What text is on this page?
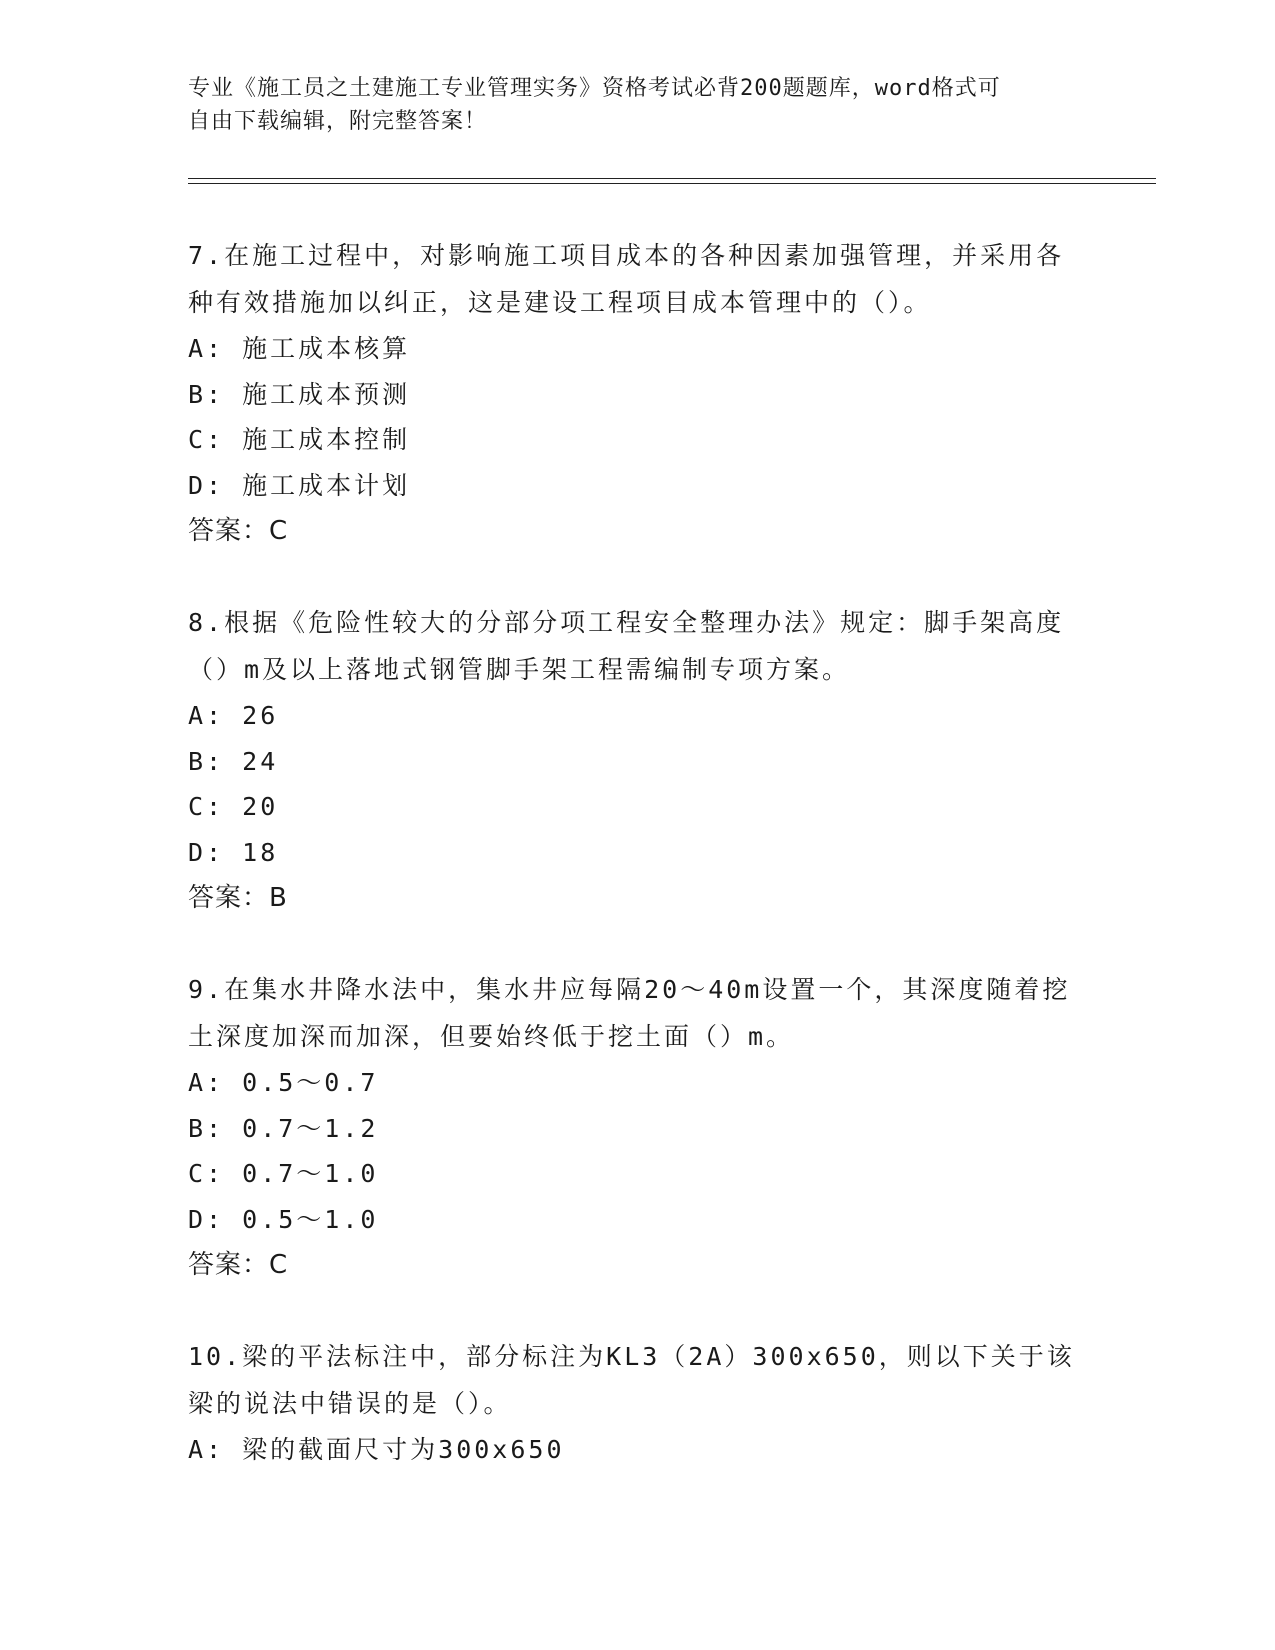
专业《施工员之土建施工专业管理实务》资格考试必背200题题库，word格式可
自由下载编辑，附完整答案！

7.在施工过程中，对影响施工项目成本的各种因素加强管理，并采用各种有效措施加以纠正，这是建设工程项目成本管理中的（）。

A: 施工成本核算

B: 施工成本预测

C: 施工成本控制

D: 施工成本计划

答案：C

8.根据《危险性较大的分部分项工程安全整理办法》规定：脚手架高度（）m及以上落地式钢管脚手架工程需编制专项方案。

A: 26

B: 24

C: 20

D: 18

答案：B

9.在集水井降水法中，集水井应每隔20～40m设置一个，其深度随着挖土深度加深而加深，但要始终低于挖土面（）m。

A: 0.5～0.7

B: 0.7～1.2

C: 0.7～1.0

D: 0.5～1.0

答案：C

10.梁的平法标注中，部分标注为KL3（2A）300x650，则以下关于该梁的说法中错误的是（）。

A: 梁的截面尺寸为300x650
